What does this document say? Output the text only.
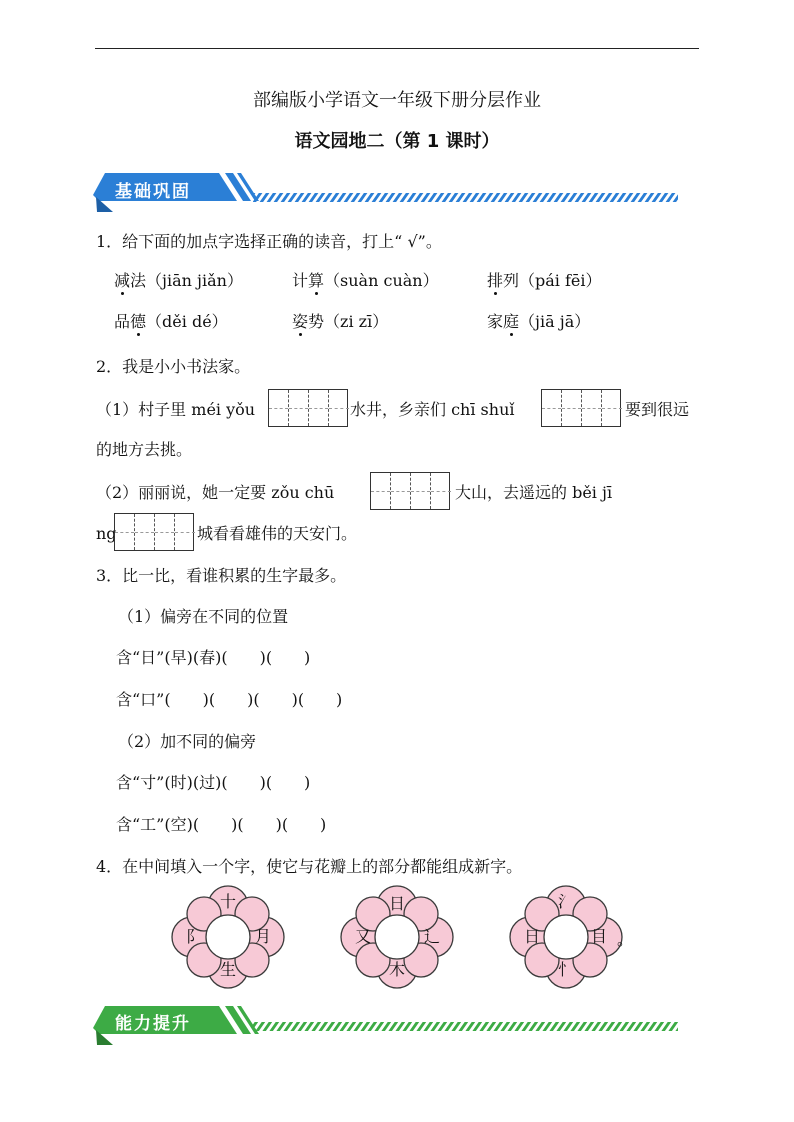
部编版小学语文一年级下册分层作业
语文园地二（第 1 课时）
基础巩固
1．给下面的加点字选择正确的读音，打上“ √”。
减法（jiān jiǎn）	计算（suàn cuàn）	排列（pái fēi）
品德（děi dé）	姿势（zi zī）	家庭（jiā jā）
2．我是小小书法家。
（1）村子里 méi yǒu	水井，乡亲们 chī shuǐ	要到很远
的地方去挑。
（2）丽丽说，她一定要 zǒu chū	大山，去遥远的 běi jī
ng	城看看雄伟的天安门。
3．比一比，看谁积累的生字最多。
（1）偏旁在不同的位置
含“日”(早)(春)(　　)(　　)
含“口”(　　)(　　)(　　)(　　)
（2）加不同的偏旁
含“寸”(时)(过)(　　)(　　)
含“工”(空)(　　)(　　)(　　)
4．在中间填入一个字，使它与花瓣上的部分都能组成新字。
十
阝	月
生
日
又	辶
木
氵
日	目
忄
。
能力提升
